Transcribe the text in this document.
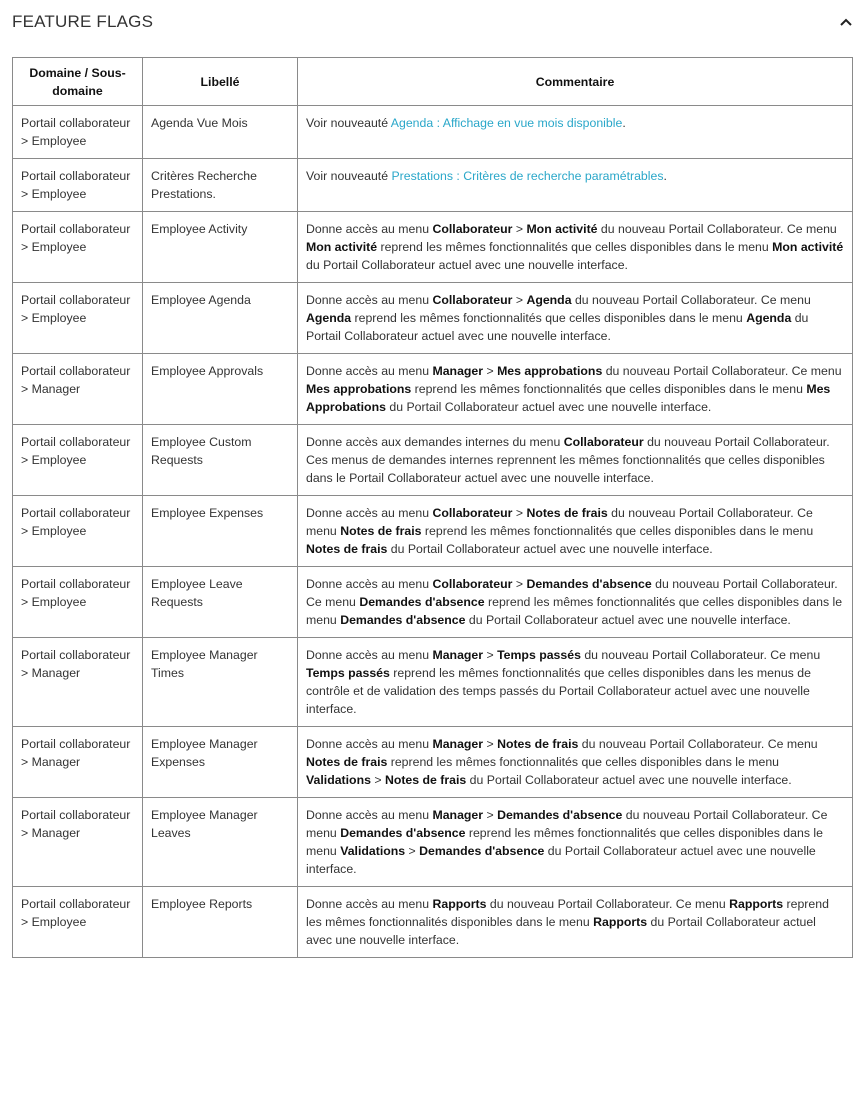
FEATURE FLAGS
Domaine / Sous-domaine	Libellé	Commentaire
Portail collaborateur > Employee	Agenda Vue Mois	Voir nouveauté Agenda : Affichage en vue mois disponible.
Portail collaborateur > Employee	Critères Recherche Prestations.	Voir nouveauté Prestations : Critères de recherche paramétrables.
Portail collaborateur > Employee	Employee Activity	Donne accès au menu Collaborateur > Mon activité du nouveau Portail Collaborateur. Ce menu Mon activité reprend les mêmes fonctionnalités que celles disponibles dans le menu Mon activité du Portail Collaborateur actuel avec une nouvelle interface.
Portail collaborateur > Employee	Employee Agenda	Donne accès au menu Collaborateur > Agenda du nouveau Portail Collaborateur. Ce menu Agenda reprend les mêmes fonctionnalités que celles disponibles dans le menu Agenda du Portail Collaborateur actuel avec une nouvelle interface.
Portail collaborateur > Manager	Employee Approvals	Donne accès au menu Manager > Mes approbations du nouveau Portail Collaborateur. Ce menu Mes approbations reprend les mêmes fonctionnalités que celles disponibles dans le menu Mes Approbations du Portail Collaborateur actuel avec une nouvelle interface.
Portail collaborateur > Employee	Employee Custom Requests	Donne accès aux demandes internes du menu Collaborateur du nouveau Portail Collaborateur. Ces menus de demandes internes reprennent les mêmes fonctionnalités que celles disponibles dans le Portail Collaborateur actuel avec une nouvelle interface.
Portail collaborateur > Employee	Employee Expenses	Donne accès au menu Collaborateur > Notes de frais du nouveau Portail Collaborateur. Ce menu Notes de frais reprend les mêmes fonctionnalités que celles disponibles dans le menu Notes de frais du Portail Collaborateur actuel avec une nouvelle interface.
Portail collaborateur > Employee	Employee Leave Requests	Donne accès au menu Collaborateur > Demandes d'absence du nouveau Portail Collaborateur. Ce menu Demandes d'absence reprend les mêmes fonctionnalités que celles disponibles dans le menu Demandes d'absence du Portail Collaborateur actuel avec une nouvelle interface.
Portail collaborateur > Manager	Employee Manager Times	Donne accès au menu Manager > Temps passés du nouveau Portail Collaborateur. Ce menu Temps passés reprend les mêmes fonctionnalités que celles disponibles dans les menus de contrôle et de validation des temps passés du Portail Collaborateur actuel avec une nouvelle interface.
Portail collaborateur > Manager	Employee Manager Expenses	Donne accès au menu Manager > Notes de frais du nouveau Portail Collaborateur. Ce menu Notes de frais reprend les mêmes fonctionnalités que celles disponibles dans le menu Validations > Notes de frais du Portail Collaborateur actuel avec une nouvelle interface.
Portail collaborateur > Manager	Employee Manager Leaves	Donne accès au menu Manager > Demandes d'absence du nouveau Portail Collaborateur. Ce menu Demandes d'absence reprend les mêmes fonctionnalités que celles disponibles dans le menu Validations > Demandes d'absence du Portail Collaborateur actuel avec une nouvelle interface.
Portail collaborateur > Employee	Employee Reports	Donne accès au menu Rapports du nouveau Portail Collaborateur. Ce menu Rapports reprend les mêmes fonctionnalités disponibles dans le menu Rapports du Portail Collaborateur actuel avec une nouvelle interface.
